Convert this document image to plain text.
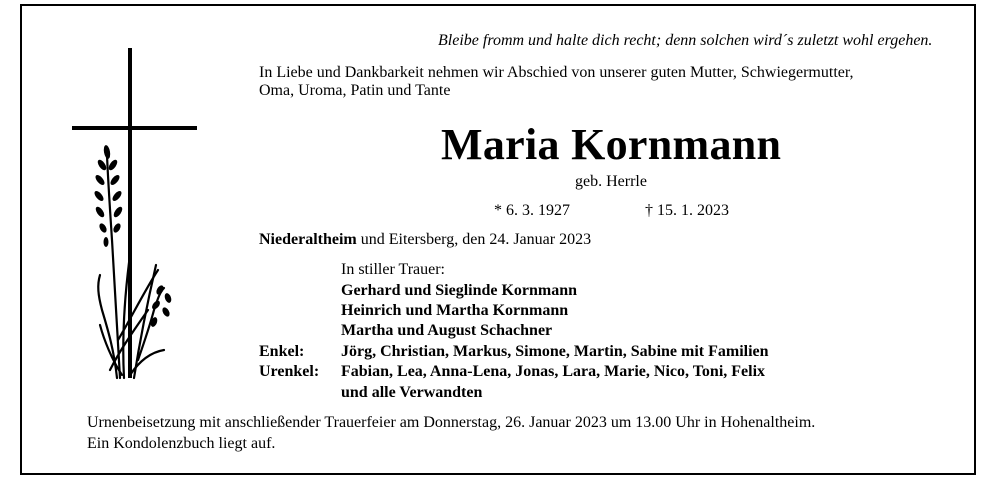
Bleibe fromm und halte dich recht; denn solchen wird´s zuletzt wohl ergehen.
In Liebe und Dankbarkeit nehmen wir Abschied von unserer guten Mutter, Schwiegermutter,
Oma, Uroma, Patin und Tante
Maria Kornmann
geb. Herrle
* 6. 3. 1927	† 15. 1. 2023
Niederaltheim und Eitersberg, den 24. Januar 2023
In stiller Trauer:
Gerhard und Sieglinde Kornmann
Heinrich und Martha Kornmann
Martha und August Schachner
Enkel: Jörg, Christian, Markus, Simone, Martin, Sabine mit Familien
Urenkel: Fabian, Lea, Anna-Lena, Jonas, Lara, Marie, Nico, Toni, Felix
und alle Verwandten
Urnenbeisetzung mit anschließender Trauerfeier am Donnerstag, 26. Januar 2023 um 13.00 Uhr in Hohenaltheim.
Ein Kondolenzbuch liegt auf.
